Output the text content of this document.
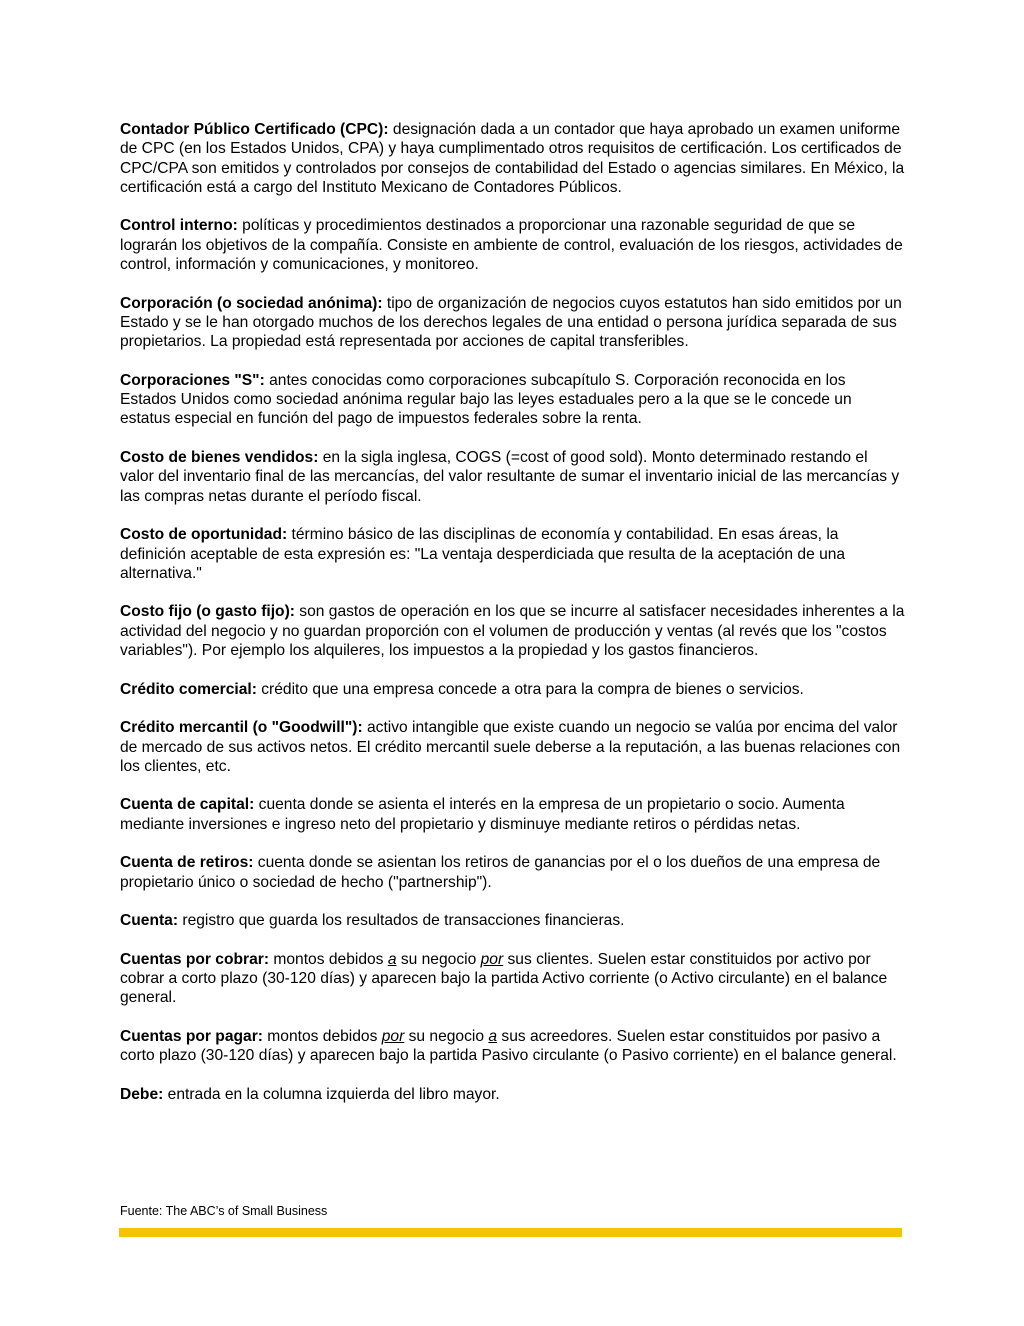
Contador Público Certificado (CPC): designación dada a un contador que haya aprobado un examen uniforme de CPC (en los Estados Unidos, CPA) y haya cumplimentado otros requisitos de certificación. Los certificados de CPC/CPA son emitidos y controlados por consejos de contabilidad del Estado o agencias similares. En México, la certificación está a cargo del Instituto Mexicano de Contadores Públicos.

Control interno: políticas y procedimientos destinados a proporcionar una razonable seguridad de que se lograrán los objetivos de la compañía. Consiste en ambiente de control, evaluación de los riesgos, actividades de control, información y comunicaciones, y monitoreo.

Corporación (o sociedad anónima): tipo de organización de negocios cuyos estatutos han sido emitidos por un Estado y se le han otorgado muchos de los derechos legales de una entidad o persona jurídica separada de sus propietarios. La propiedad está representada por acciones de capital transferibles.

Corporaciones "S": antes conocidas como corporaciones subcapítulo S. Corporación reconocida en los Estados Unidos como sociedad anónima regular bajo las leyes estaduales pero a la que se le concede un estatus especial en función del pago de impuestos federales sobre la renta.

Costo de bienes vendidos: en la sigla inglesa, COGS (=cost of good sold). Monto determinado restando el valor del inventario final de las mercancías, del valor resultante de sumar el inventario inicial de las mercancías y las compras netas durante el período fiscal.

Costo de oportunidad: término básico de las disciplinas de economía y contabilidad. En esas áreas, la definición aceptable de esta expresión es: "La ventaja desperdiciada que resulta de la aceptación de una alternativa."

Costo fijo (o gasto fijo): son gastos de operación en los que se incurre al satisfacer necesidades inherentes a la actividad del negocio y no guardan proporción con el volumen de producción y ventas (al revés que los "costos variables"). Por ejemplo los alquileres, los impuestos a la propiedad y los gastos financieros.

Crédito comercial: crédito que una empresa concede a otra para la compra de bienes o servicios.

Crédito mercantil (o "Goodwill"): activo intangible que existe cuando un negocio se valúa por encima del valor de mercado de sus activos netos. El crédito mercantil suele deberse a la reputación, a las buenas relaciones con los clientes, etc.

Cuenta de capital: cuenta donde se asienta el interés en la empresa de un propietario o socio. Aumenta mediante inversiones e ingreso neto del propietario y disminuye mediante retiros o pérdidas netas.

Cuenta de retiros: cuenta donde se asientan los retiros de ganancias por el o los dueños de una empresa de propietario único o sociedad de hecho ("partnership").

Cuenta: registro que guarda los resultados de transacciones financieras.

Cuentas por cobrar: montos debidos a su negocio por sus clientes. Suelen estar constituidos por activo por cobrar a corto plazo (30-120 días) y aparecen bajo la partida Activo corriente (o Activo circulante) en el balance general.

Cuentas por pagar: montos debidos por su negocio a sus acreedores. Suelen estar constituidos por pasivo a corto plazo (30-120 días) y aparecen bajo la partida Pasivo circulante (o Pasivo corriente) en el balance general.

Debe: entrada en la columna izquierda del libro mayor.

Fuente: The ABC’s of Small Business
